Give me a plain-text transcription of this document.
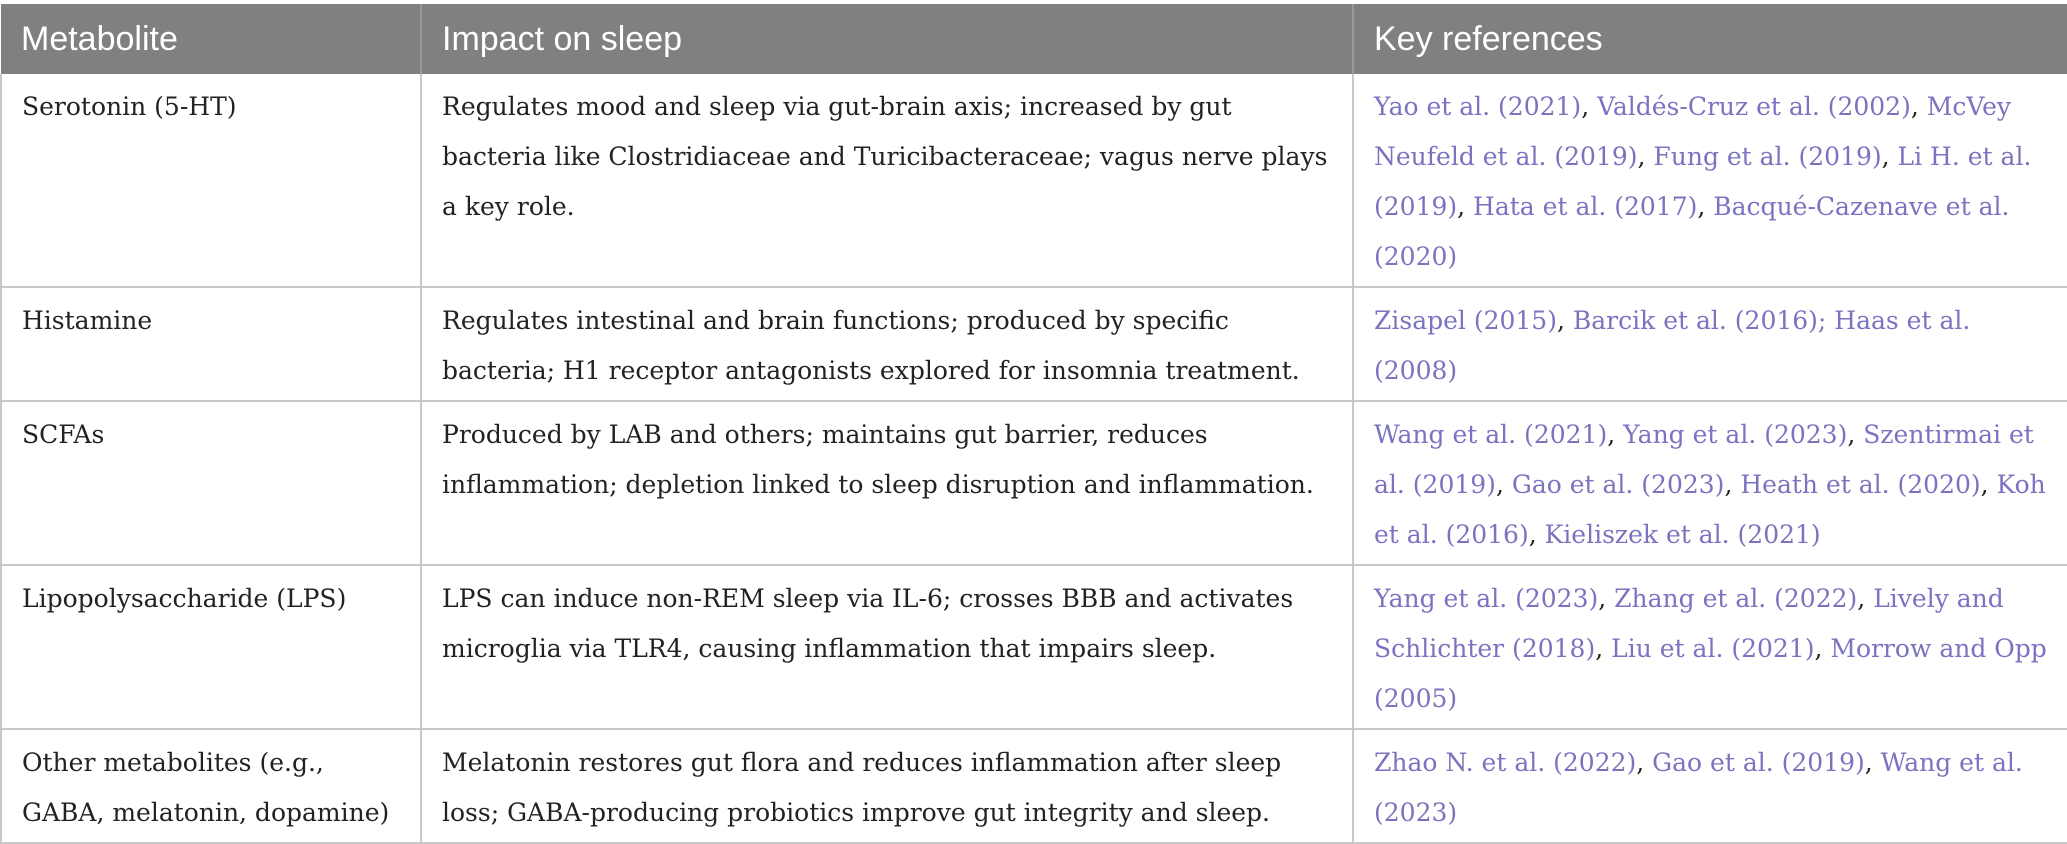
Metabolite	Impact on sleep	Key references
Serotonin (5-HT)	Regulates mood and sleep via gut-brain axis; increased by gut bacteria like Clostridiaceae and Turicibacteraceae; vagus nerve plays a key role.	Yao et al. (2021), Valdés-Cruz et al. (2002), McVey Neufeld et al. (2019), Fung et al. (2019), Li H. et al. (2019), Hata et al. (2017), Bacqué-Cazenave et al. (2020)
Histamine	Regulates intestinal and brain functions; produced by specific bacteria; H1 receptor antagonists explored for insomnia treatment.	Zisapel (2015), Barcik et al. (2016); Haas et al. (2008)
SCFAs	Produced by LAB and others; maintains gut barrier, reduces inflammation; depletion linked to sleep disruption and inflammation.	Wang et al. (2021), Yang et al. (2023), Szentirmai et al. (2019), Gao et al. (2023), Heath et al. (2020), Koh et al. (2016), Kieliszek et al. (2021)
Lipopolysaccharide (LPS)	LPS can induce non-REM sleep via IL-6; crosses BBB and activates microglia via TLR4, causing inflammation that impairs sleep.	Yang et al. (2023), Zhang et al. (2022), Lively and Schlichter (2018), Liu et al. (2021), Morrow and Opp (2005)
Other metabolites (e.g., GABA, melatonin, dopamine)	Melatonin restores gut flora and reduces inflammation after sleep loss; GABA-producing probiotics improve gut integrity and sleep.	Zhao N. et al. (2022), Gao et al. (2019), Wang et al. (2023)
